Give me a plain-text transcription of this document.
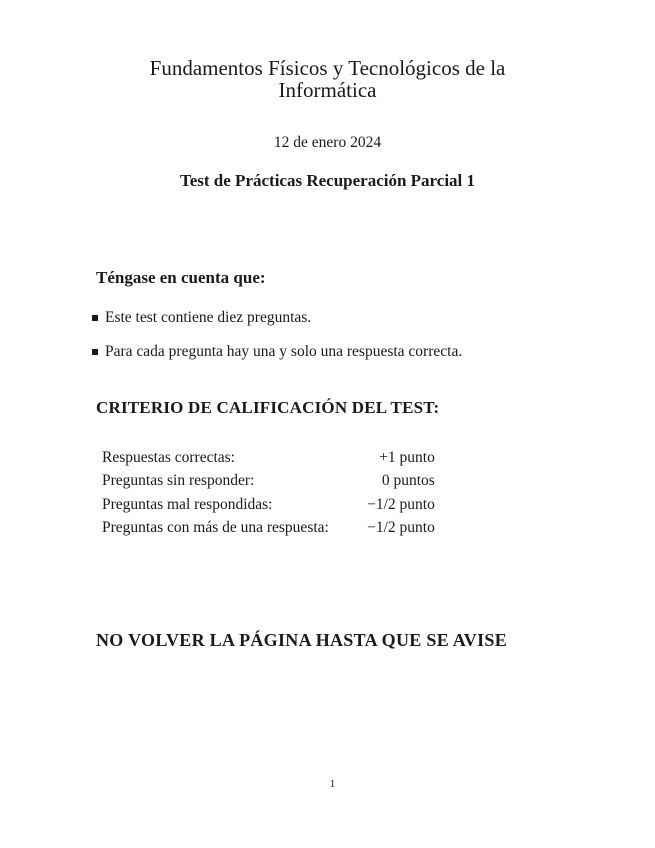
Fundamentos Físicos y Tecnológicos de la
Informática
12 de enero 2024
Test de Prácticas Recuperación Parcial 1
Téngase en cuenta que:
Este test contiene diez preguntas.
Para cada pregunta hay una y solo una respuesta correcta.
CRITERIO DE CALIFICACIÓN DEL TEST:
Respuestas correctas:	+1 punto
Preguntas sin responder:	0 puntos
Preguntas mal respondidas:	−1/2 punto
Preguntas con más de una respuesta:	−1/2 punto
NO VOLVER LA PÁGINA HASTA QUE SE AVISE
1
